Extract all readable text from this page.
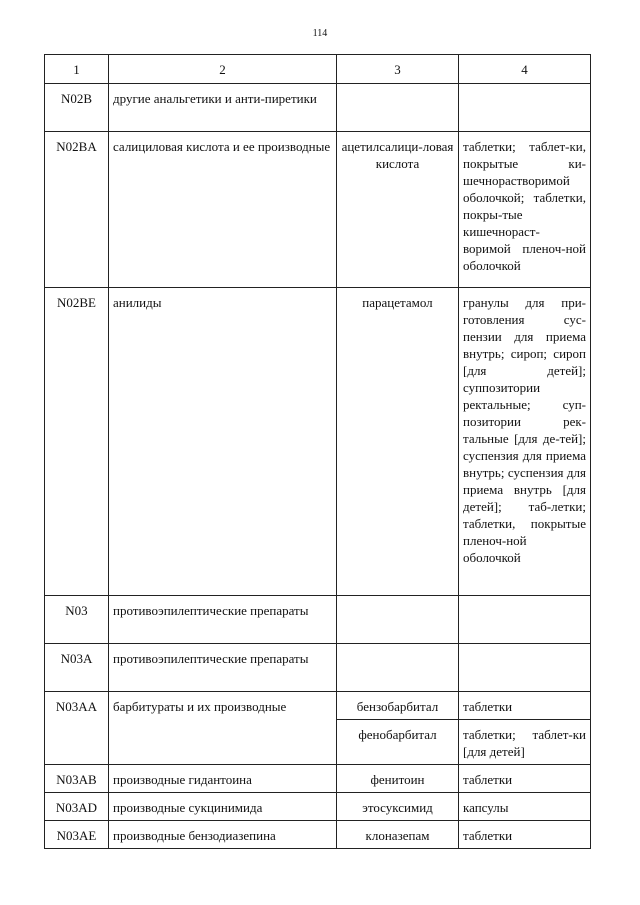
114
1	2	3	4
N02B	другие анальгетики и анти-пиретики		
N02BA	салициловая кислота и ее производные	ацетилсалици-ловая кислота	таблетки; таблет-ки, покрытые ки-шечнорастворимой оболочкой; таблетки, покры-тые кишечнораст-воримой пленоч-ной оболочкой
N02BE	анилиды	парацетамол	гранулы для при-готовления сус-пензии для приема внутрь; сироп; сироп [для детей]; суппозитории ректальные; суп-позитории рек-тальные [для де-тей]; суспензия для приема внутрь; суспензия для приема внутрь [для детей]; таб-летки; таблетки, покрытые пленоч-ной оболочкой
N03	противоэпилептические препараты		
N03A	противоэпилептические препараты		
N03AA	барбитураты и их производные	бензобарбитал	таблетки
		фенобарбитал	таблетки; таблет-ки [для детей]
N03AB	производные гидантоина	фенитоин	таблетки
N03AD	производные сукцинимида	этосуксимид	капсулы
N03AE	производные бензодиазепина	клоназепам	таблетки
